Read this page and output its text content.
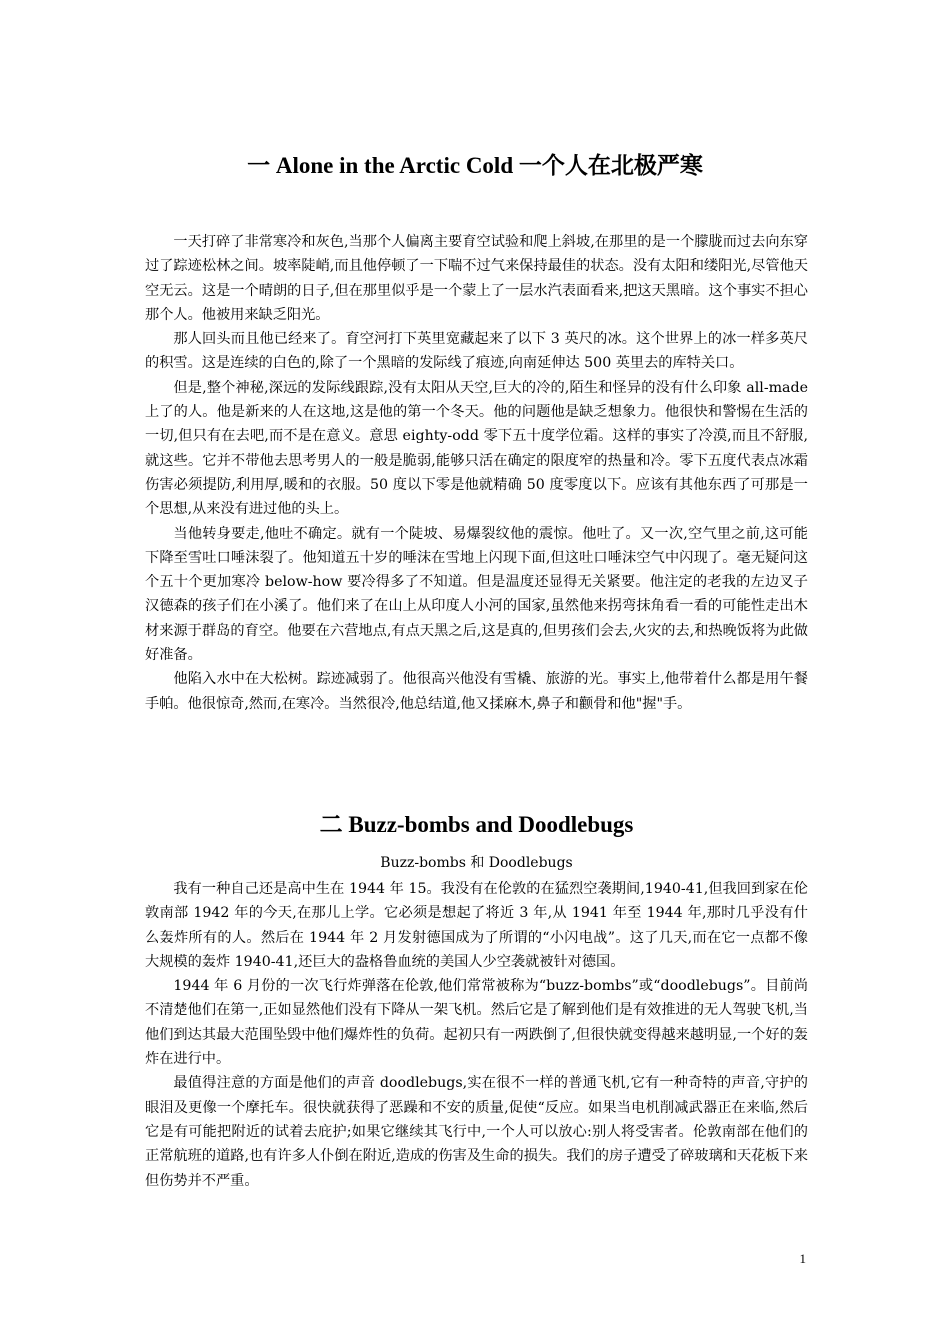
一 Alone in the Arctic Cold 一个人在北极严寒

一天打碎了非常寒冷和灰色,当那个人偏离主要育空试验和爬上斜坡,在那里的是一个朦胧而过去向东穿过了踪迹松林之间。坡率陡峭,而且他停顿了一下喘不过气来保持最佳的状态。没有太阳和缕阳光,尽管他天空无云。这是一个晴朗的日子,但在那里似乎是一个蒙上了一层水汽表面看来,把这天黑暗。这个事实不担心那个人。他被用来缺乏阳光。

那人回头而且他已经来了。育空河打下英里宽藏起来了以下 3 英尺的冰。这个世界上的冰一样多英尺的积雪。这是连续的白色的,除了一个黑暗的发际线了痕迹,向南延伸达 500 英里去的库特关口。

但是,整个神秘,深远的发际线跟踪,没有太阳从天空,巨大的冷的,陌生和怪异的没有什么印象 all-made 上了的人。他是新来的人在这地,这是他的第一个冬天。他的问题他是缺乏想象力。他很快和警惕在生活的一切,但只有在去吧,而不是在意义。意思 eighty-odd 零下五十度学位霜。这样的事实了冷漠,而且不舒服,就这些。它并不带他去思考男人的一般是脆弱,能够只活在确定的限度窄的热量和冷。零下五度代表点冰霜伤害必须提防,利用厚,暖和的衣服。50 度以下零是他就精确 50 度零度以下。应该有其他东西了可那是一个思想,从来没有进过他的头上。

当他转身要走,他吐不确定。就有一个陡坡、易爆裂纹他的震惊。他吐了。又一次,空气里之前,这可能下降至雪吐口唾沫裂了。他知道五十岁的唾沫在雪地上闪现下面,但这吐口唾沫空气中闪现了。毫无疑问这个五十个更加寒冷 below-how 要冷得多了不知道。但是温度还显得无关紧要。他注定的老我的左边叉子汉德森的孩子们在小溪了。他们来了在山上从印度人小河的国家,虽然他来拐弯抹角看一看的可能性走出木材来源于群岛的育空。他要在六营地点,有点天黑之后,这是真的,但男孩们会去,火灾的去,和热晚饭将为此做好准备。

他陷入水中在大松树。踪迹减弱了。他很高兴他没有雪橇、旅游的光。事实上,他带着什么都是用午餐手帕。他很惊奇,然而,在寒冷。当然很冷,他总结道,他又揉麻木,鼻子和颧骨和他"握"手。

二 Buzz-bombs and Doodlebugs
Buzz-bombs 和 Doodlebugs

我有一种自己还是高中生在 1944 年 15。我没有在伦敦的在猛烈空袭期间,1940-41,但我回到家在伦敦南部 1942 年的今天,在那儿上学。它必须是想起了将近 3 年,从 1941 年至 1944 年,那时几乎没有什么轰炸所有的人。然后在 1944 年 2 月发射德国成为了所谓的“小闪电战”。这了几天,而在它一点都不像大规模的轰炸 1940-41,还巨大的盎格鲁血统的美国人少空袭就被针对德国。

1944 年 6 月份的一次飞行炸弹落在伦敦,他们常常被称为“buzz-bombs”或“doodlebugs”。目前尚不清楚他们在第一,正如显然他们没有下降从一架飞机。然后它是了解到他们是有效推进的无人驾驶飞机,当他们到达其最大范围坠毁中他们爆炸性的负荷。起初只有一两跌倒了,但很快就变得越来越明显,一个好的轰炸在进行中。

最值得注意的方面是他们的声音 doodlebugs,实在很不一样的普通飞机,它有一种奇特的声音,守护的眼泪及更像一个摩托车。很快就获得了恶躁和不安的质量,促使“反应。如果当电机削减武器正在来临,然后它是有可能把附近的试着去庇护;如果它继续其飞行中,一个人可以放心:别人将受害者。伦敦南部在他们的正常航班的道路,也有许多人仆倒在附近,造成的伤害及生命的损失。我们的房子遭受了碎玻璃和天花板下来但伤势并不严重。

1
